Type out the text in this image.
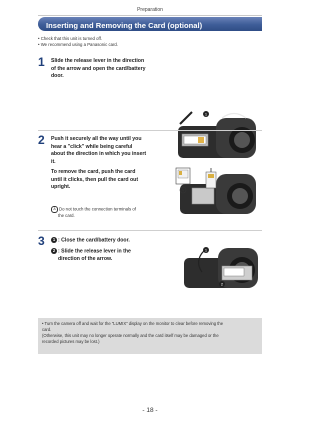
Preparation
Inserting and Removing the Card (optional)
• Check that this unit is turned off.
• We recommend using a Panasonic card.
1 Slide the release lever in the direction
of the arrow and open the card/battery
door.
1
2 Push it securely all the way until you
hear a "click" while being careful
about the direction in which you insert
it.
To remove the card, push the card
until it clicks, then pull the card out
upright.
A Do not touch the connection terminals of
the card.
A
3	1 : Close the card/battery door.
2 : Slide the release lever in the
direction of the arrow.
1
2
• Turn the camera off and wait for the "LUMIX" display on the monitor to clear before removing the
card.
(Otherwise, this unit may no longer operate normally and the card itself may be damaged or the
recorded pictures may be lost.)
- 18 -
